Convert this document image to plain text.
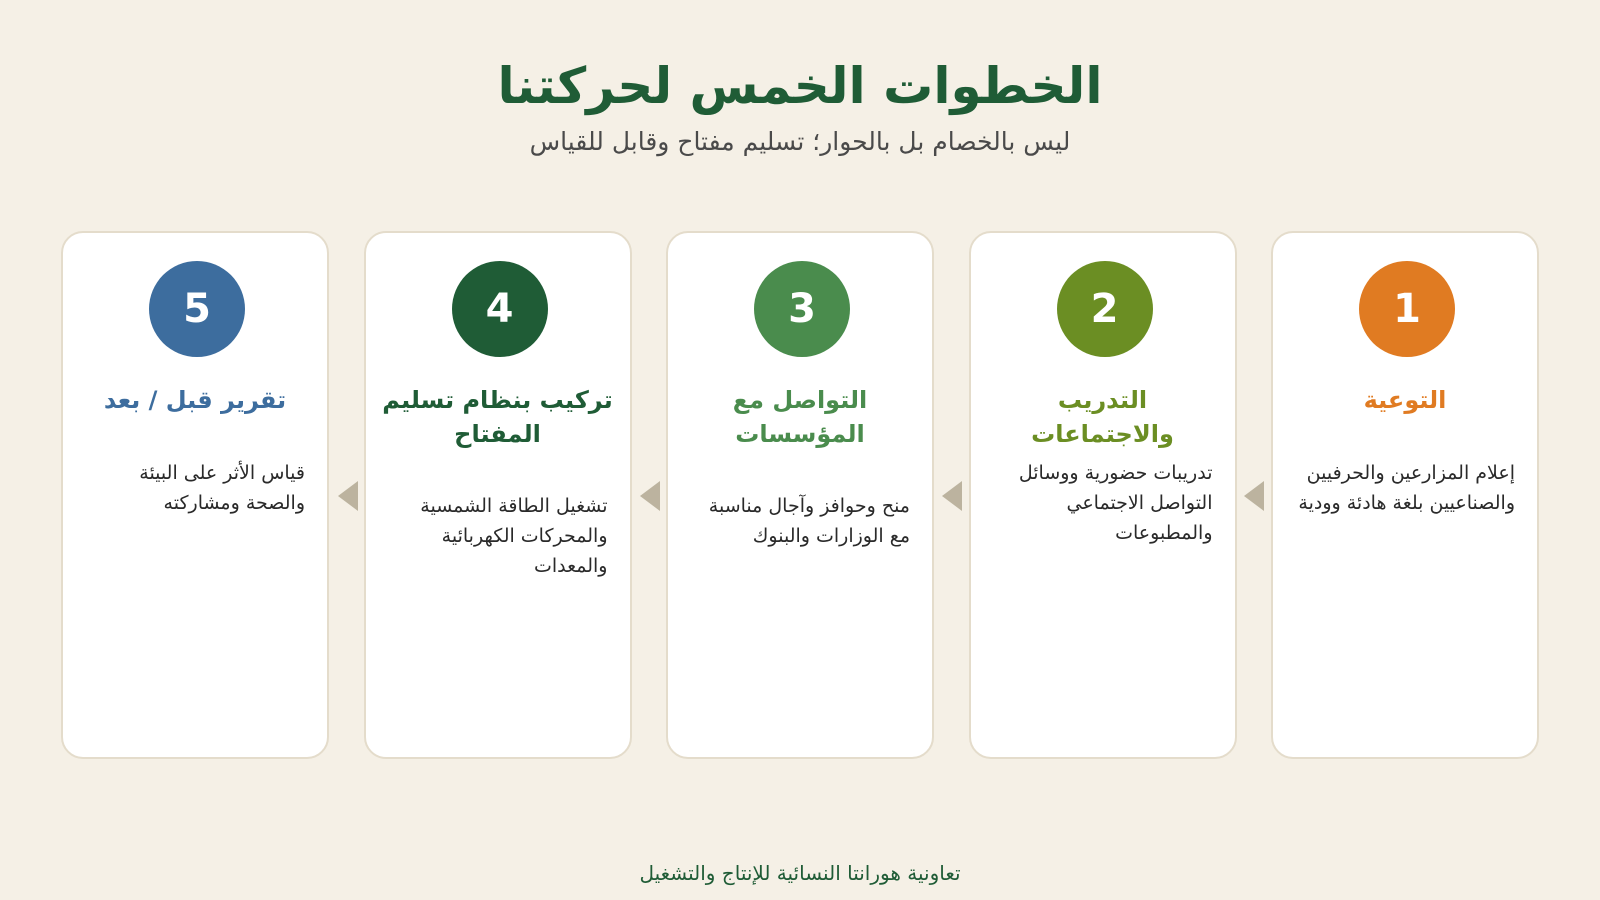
الخطوات الخمس لحركتنا
ليس بالخصام بل بالحوار؛ تسليم مفتاح وقابل للقياس
1
التوعية
إعلام المزارعين والحرفيين والصناعيين بلغة هادئة وودية
2
التدريب والاجتماعات
تدريبات حضورية ووسائل التواصل الاجتماعي والمطبوعات
3
التواصل مع المؤسسات
منح وحوافز وآجال مناسبة مع الوزارات والبنوك
4
تركيب بنظام تسليم المفتاح
تشغيل الطاقة الشمسية والمحركات الكهربائية والمعدات
5
تقرير قبل / بعد
قياس الأثر على البيئة والصحة ومشاركته
تعاونية هورانتا النسائية للإنتاج والتشغيل
